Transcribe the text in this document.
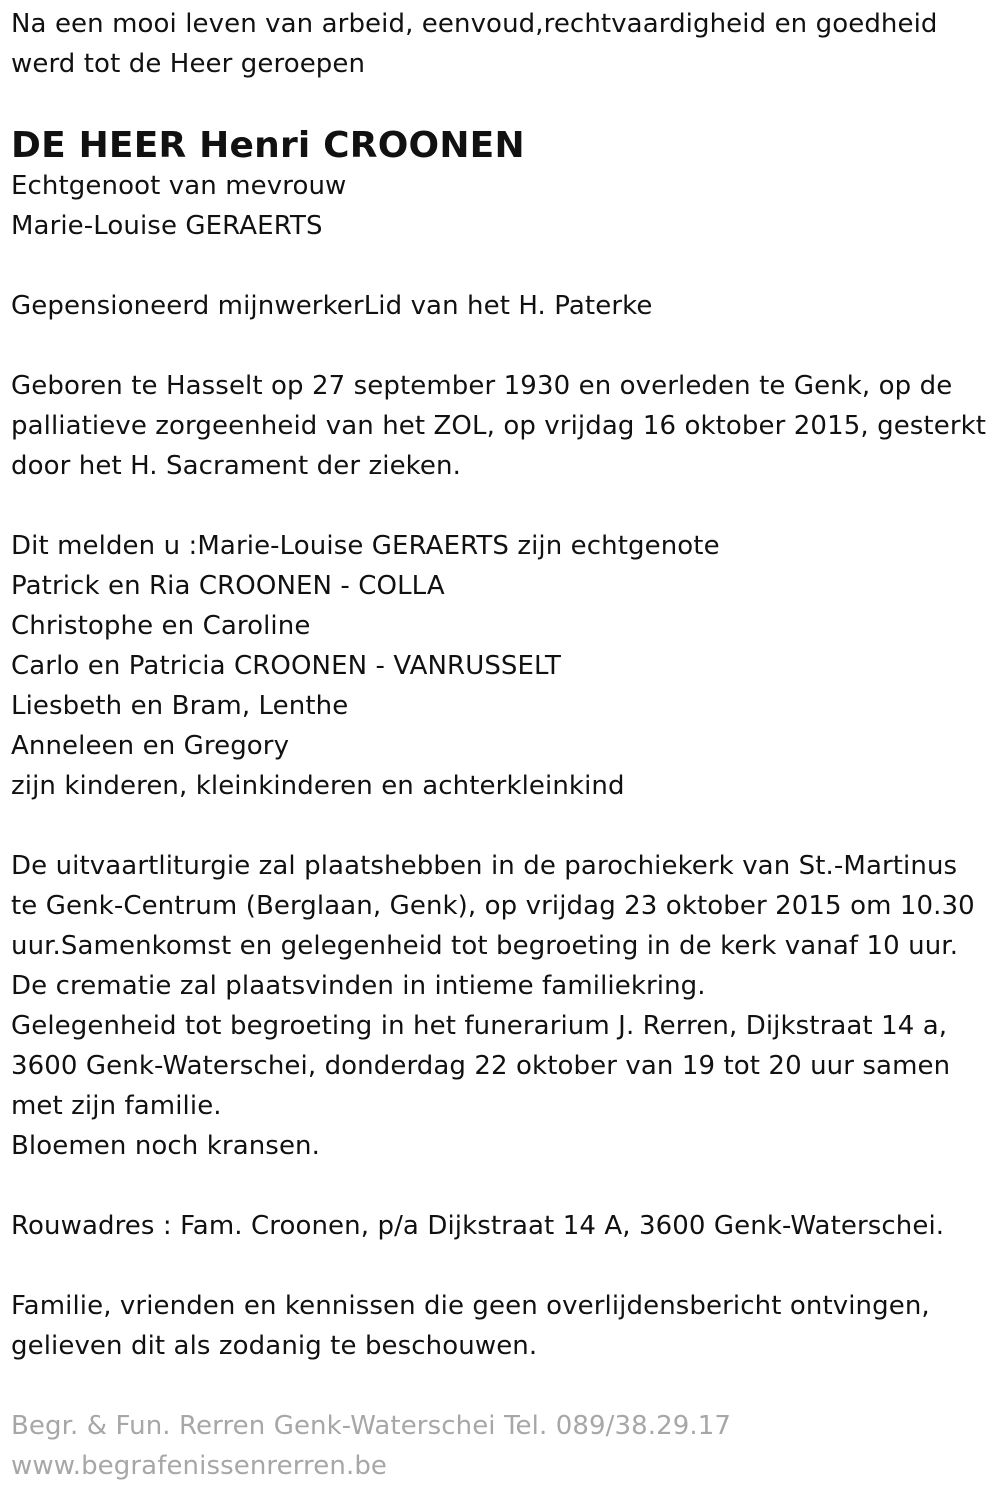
Na een mooi leven van arbeid, eenvoud,rechtvaardigheid en goedheid
werd tot de Heer geroepen
DE HEER Henri CROONEN
Echtgenoot van mevrouw
Marie-Louise GERAERTS
Gepensioneerd mijnwerkerLid van het H. Paterke
Geboren te Hasselt op 27 september 1930 en overleden te Genk, op de
palliatieve zorgeenheid van het ZOL, op vrijdag 16 oktober 2015, gesterkt
door het H. Sacrament der zieken.
Dit melden u :Marie-Louise GERAERTS zijn echtgenote
Patrick en Ria CROONEN - COLLA
Christophe en Caroline
Carlo en Patricia CROONEN - VANRUSSELT
Liesbeth en Bram, Lenthe
Anneleen en Gregory
zijn kinderen, kleinkinderen en achterkleinkind
De uitvaartliturgie zal plaatshebben in de parochiekerk van St.-Martinus
te Genk-Centrum (Berglaan, Genk), op vrijdag 23 oktober 2015 om 10.30
uur.Samenkomst en gelegenheid tot begroeting in de kerk vanaf 10 uur.
De crematie zal plaatsvinden in intieme familiekring.
Gelegenheid tot begroeting in het funerarium J. Rerren, Dijkstraat 14 a,
3600 Genk-Waterschei, donderdag 22 oktober van 19 tot 20 uur samen
met zijn familie.
Bloemen noch kransen.
Rouwadres : Fam. Croonen, p/a Dijkstraat 14 A, 3600 Genk-Waterschei.
Familie, vrienden en kennissen die geen overlijdensbericht ontvingen,
gelieven dit als zodanig te beschouwen.
Begr. & Fun. Rerren Genk-Waterschei Tel. 089/38.29.17
www.begrafenissenrerren.be
